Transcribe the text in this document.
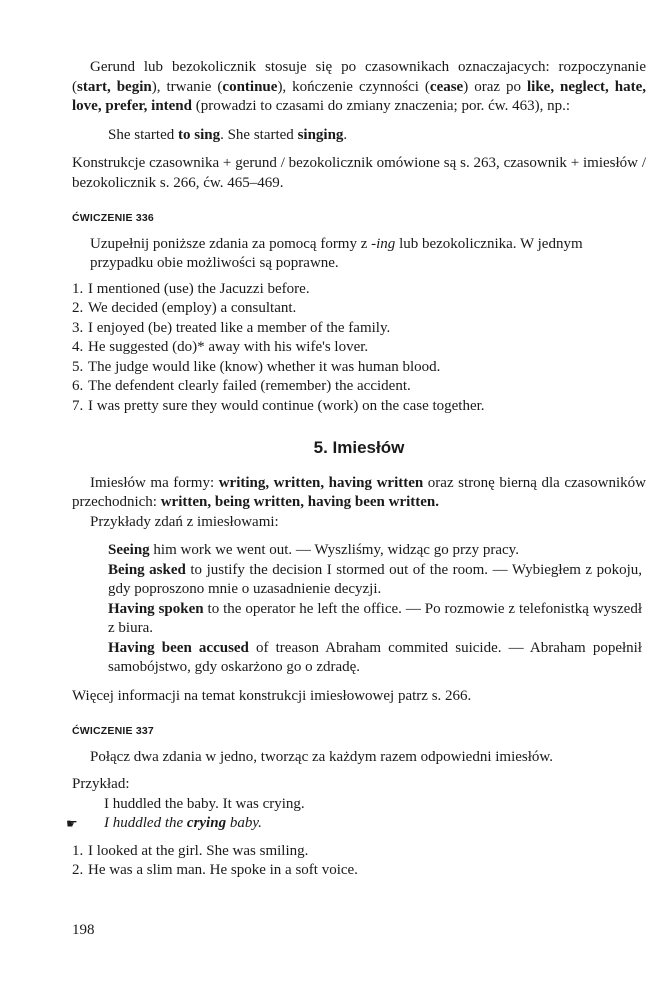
Gerund lub bezokolicznik stosuje się po czasownikach oznaczajacych: rozpoczynanie (start, begin), trwanie (continue), kończenie czynności (cease) oraz po like, neglect, hate, love, prefer, intend (prowadzi to czasami do zmiany znaczenia; por. ćw. 463), np.:

She started to sing. She started singing.

Konstrukcje czasownika + gerund / bezokolicznik omówione są s. 263, czasownik + imiesłów / bezokolicznik s. 266, ćw. 465–469.

ĆWICZENIE 336

Uzupełnij poniższe zdania za pomocą formy z -ing lub bezokolicznika. W jednym przypadku obie możliwości są poprawne.

1. I mentioned (use) the Jacuzzi before.
2. We decided (employ) a consultant.
3. I enjoyed (be) treated like a member of the family.
4. He suggested (do)* away with his wife's lover.
5. The judge would like (know) whether it was human blood.
6. The defendent clearly failed (remember) the accident.
7. I was pretty sure they would continue (work) on the case together.
5. Imiesłów

Imiesłów ma formy: writing, written, having written oraz stronę bierną dla czasowników przechodnich: written, being written, having been written.

Przykłady zdań z imiesłowami:

Seeing him work we went out. — Wyszliśmy, widząc go przy pracy.

Being asked to justify the decision I stormed out of the room. — Wybiegłem z pokoju, gdy poproszono mnie o uzasadnienie decyzji.

Having spoken to the operator he left the office. — Po rozmowie z telefonistką wyszedł z biura.

Having been accused of treason Abraham commited suicide. — Abraham popełnił samobójstwo, gdy oskarżono go o zdradę.

Więcej informacji na temat konstrukcji imiesłowowej patrz s. 266.

ĆWICZENIE 337

Połącz dwa zdania w jedno, tworząc za każdym razem odpowiedni imiesłów.

Przykład:

I huddled the baby. It was crying.

☛ I huddled the crying baby.

1. I looked at the girl. She was smiling.
2. He was a slim man. He spoke in a soft voice.
198
